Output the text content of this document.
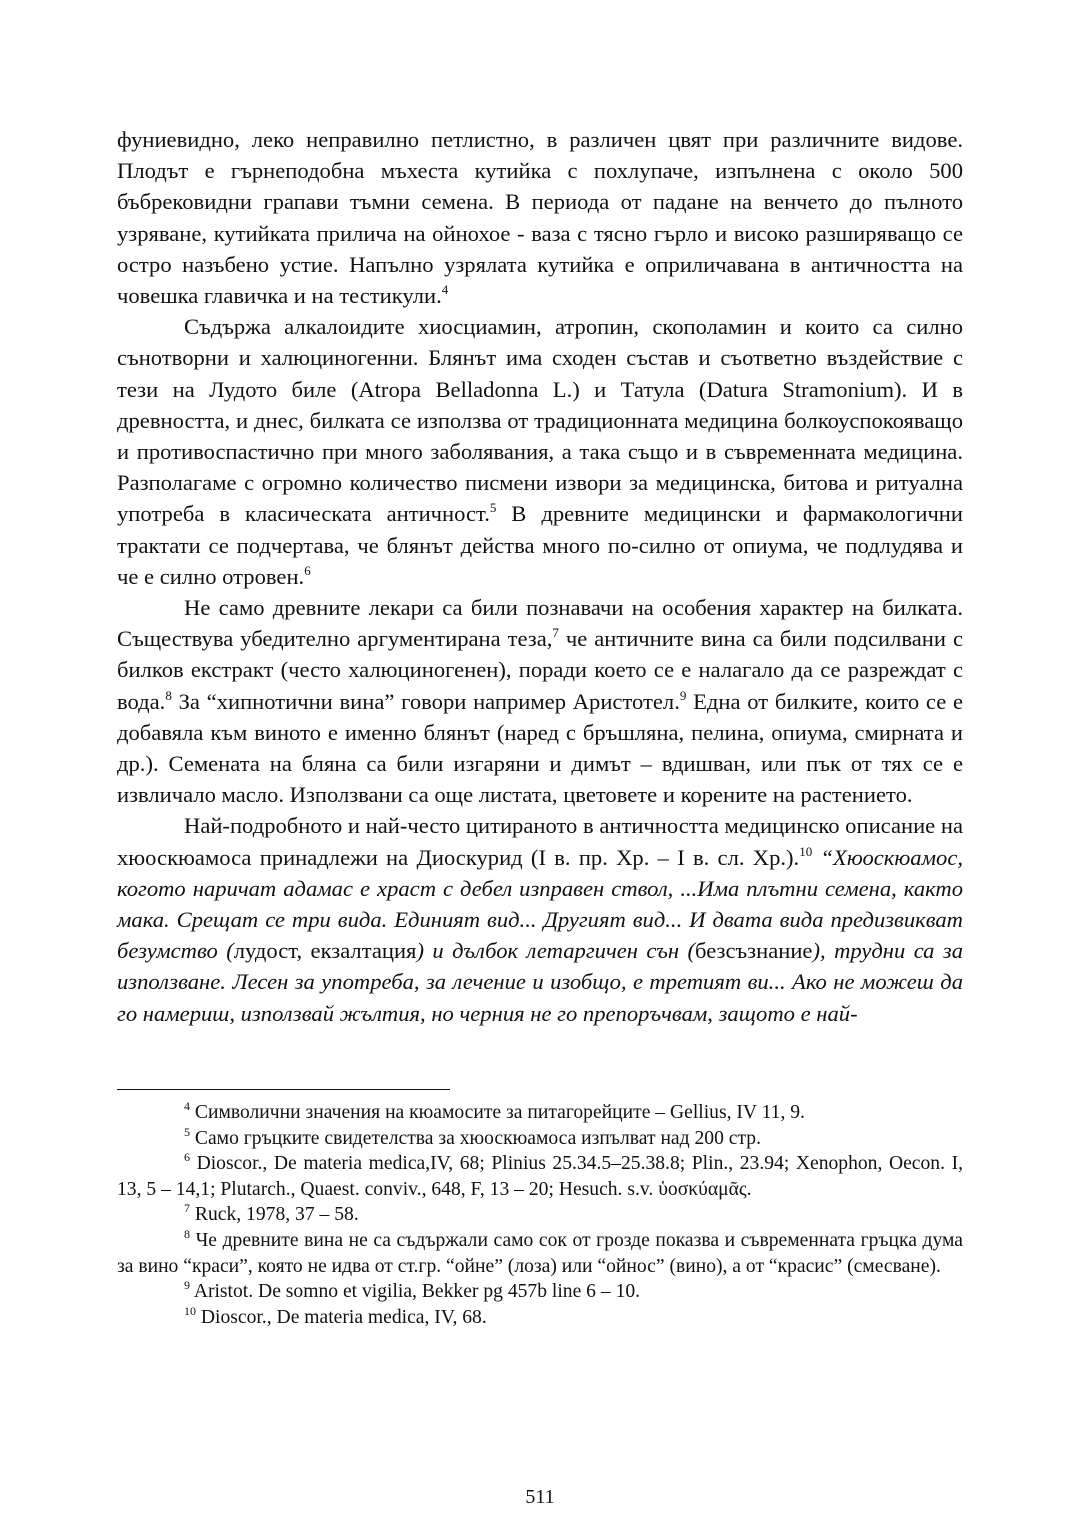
фуниевидно, леко неправилно петлистно, в различен цвят при различните видове. Плодът е гърнеподобна мъхеста кутийка с похлупаче, изпълнена с около 500 бъбрековидни грапави тъмни семена. В периода от падане на венчето до пълното узряване, кутийката прилича на ойнохое - ваза с тясно гърло и високо разширяващо се остро назъбено устие. Напълно узрялата кутийка е оприличавана в античността на човешка главичка и на тестикули.$^4$

Съдържа алкалоидите хиосциамин, атропин, скополамин и които са силно сънотворни и халюциногенни. Блянът има сходен състав и съответно въздействие с тези на Лудото биле (Atropa Belladonna L.) и Татула (Datura Stramonium). И в древността, и днес, билката се използва от традиционната медицина болкоуспокояващо и противоспастично при много заболявания, а така също и в съвременната медицина. Разполагаме с огромно количество писмени извори за медицинска, битова и ритуална употреба в класическата античност.$^5$ В древните медицински и фармакологични трактати се подчертава, че блянът действа много по-силно от опиума, че подлудява и че е силно отровен.$^6$

Не само древните лекари са били познавачи на особения характер на билката. Съществува убедително аргументирана теза,$^7$ че античните вина са били подсилвани с билков екстракт (често халюциногенен), поради което се е налагало да се разреждат с вода.$^8$ За “хипнотични вина” говори например Аристотел.$^9$ Една от билките, които се е добавяла към виното е именно блянът (наред с бръшляна, пелина, опиума, смирната и др.). Семената на бляна са били изгаряни и димът – вдишван, или пък от тях се е извличало масло. Използвани са още листата, цветовете и корените на растението.

Най-подробното и най-често цитираното в античността медицинско описание на хюоскюамоса принадлежи на Диоскурид (I в. пр. Хр. – I в. сл. Хр.).$^{10}$ “Хюоскюамос, когото наричат адамас е храст с дебел изправен ствол, ...Има плътни семена, както мака. Срещат се три вида. Единият вид... Другият вид... И двата вида предизвикват безумство (лудост, екзалтация) и дълбок летаргичен сън (безсъзнание), трудни са за използване. Лесен за употреба, за лечение и изобщо, е третият ви... Ако не можеш да го намериш, използвай жълтия, но черния не го препоръчвам, защото е най-

$^4$ Символични значения на кюамосите за питагорейците – Gellius, IV 11, 9.

$^5$ Само гръцките свидетелства за хюоскюамоса изпълват над 200 стр.

$^6$ Dioscor., De materia medica,IV, 68; Plinius 25.34.5–25.38.8; Plin., 23.94; Xenophon, Oecon. I, 13, 5 – 14,1; Plutarch., Quaest. conviv., 648, F, 13 – 20; Hesuch. s.v. ὑοσκύαμᾶς.

$^7$ Ruck, 1978, 37 – 58.

$^8$ Че древните вина не са съдържали само сок от грозде показва и съвременната гръцка дума за вино “краси”, която не идва от ст.гр. “ойне” (лоза) или “ойнос” (вино), а от “красис” (смесване).

$^9$ Aristot. De somno et vigilia, Bekker pg 457b line 6 – 10.

$^{10}$ Dioscor., De materia medica, IV, 68.

511
